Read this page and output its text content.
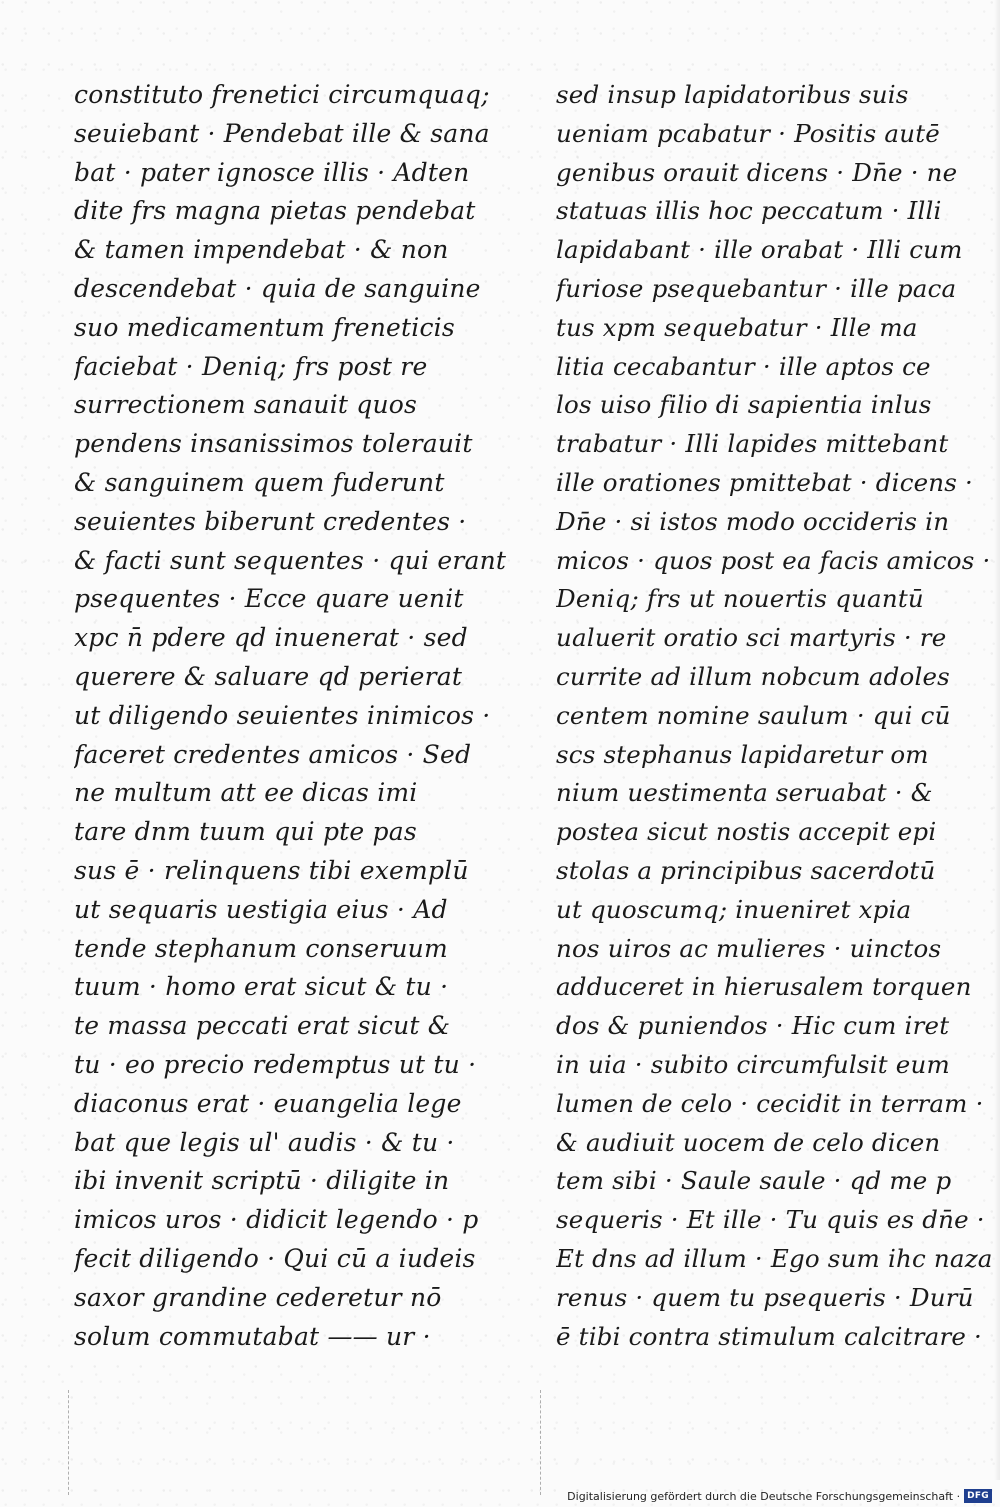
constituto frenetici circumquaq;
seuiebant · Pendebat ille & sana
bat · pater ignosce illis · Adten
dite frs magna pietas pendebat
& tamen impendebat · & non
descendebat · quia de sanguine
suo medicamentum freneticis
faciebat · Deniq; frs post re
surrectionem sanauit quos
pendens insanissimos tolerauit
& sanguinem quem fuderunt
seuientes biberunt credentes ·
& facti sunt sequentes · qui erant
psequentes · Ecce quare uenit
xpc n̄ pdere qd inuenerat · sed
querere & saluare qd perierat
ut diligendo seuientes inimicos ·
faceret credentes amicos · Sed
ne multum att ee dicas imi
tare dnm tuum qui pte pas
sus ē · relinquens tibi exemplū
ut sequaris uestigia eius · Ad
tende stephanum conseruum
tuum · homo erat sicut & tu ·
te massa peccati erat sicut &
tu · eo precio redemptus ut tu ·
diaconus erat · euangelia lege
bat que legis ul' audis · & tu ·
ibi invenit scriptū · diligite in
imicos uros · didicit legendo · p
fecit diligendo · Qui cū a iudeis
saxor grandine cederetur nō
solum commutabat —— ur ·
sed insup lapidatoribus suis
ueniam pcabatur · Positis autē
genibus orauit dicens · Dn̄e · ne
statuas illis hoc peccatum · Illi
lapidabant · ille orabat · Illi cum
furiose psequebantur · ille paca
tus xpm sequebatur · Ille ma
litia cecabantur · ille aptos ce
los uiso filio di sapientia inlus
trabatur · Illi lapides mittebant
ille orationes pmittebat · dicens ·
Dn̄e · si istos modo occideris in
micos · quos post ea facis amicos ·
Deniq; frs ut nouertis quantū
ualuerit oratio sci martyris · re
currite ad illum nobcum adoles
centem nomine saulum · qui cū
scs stephanus lapidaretur om
nium uestimenta seruabat · &
postea sicut nostis accepit epi
stolas a principibus sacerdotū
ut quoscumq; inueniret xpia
nos uiros ac mulieres · uinctos
adduceret in hierusalem torquen
dos & puniendos · Hic cum iret
in uia · subito circumfulsit eum
lumen de celo · cecidit in terram ·
& audiuit uocem de celo dicen
tem sibi · Saule saule · qd me p
sequeris · Et ille · Tu quis es dn̄e ·
Et dns ad illum · Ego sum ihc naza
renus · quem tu psequeris · Durū
ē tibi contra stimulum calcitrare ·
Digitalisierung gefördert durch die Deutsche Forschungsgemeinschaft · DFG
